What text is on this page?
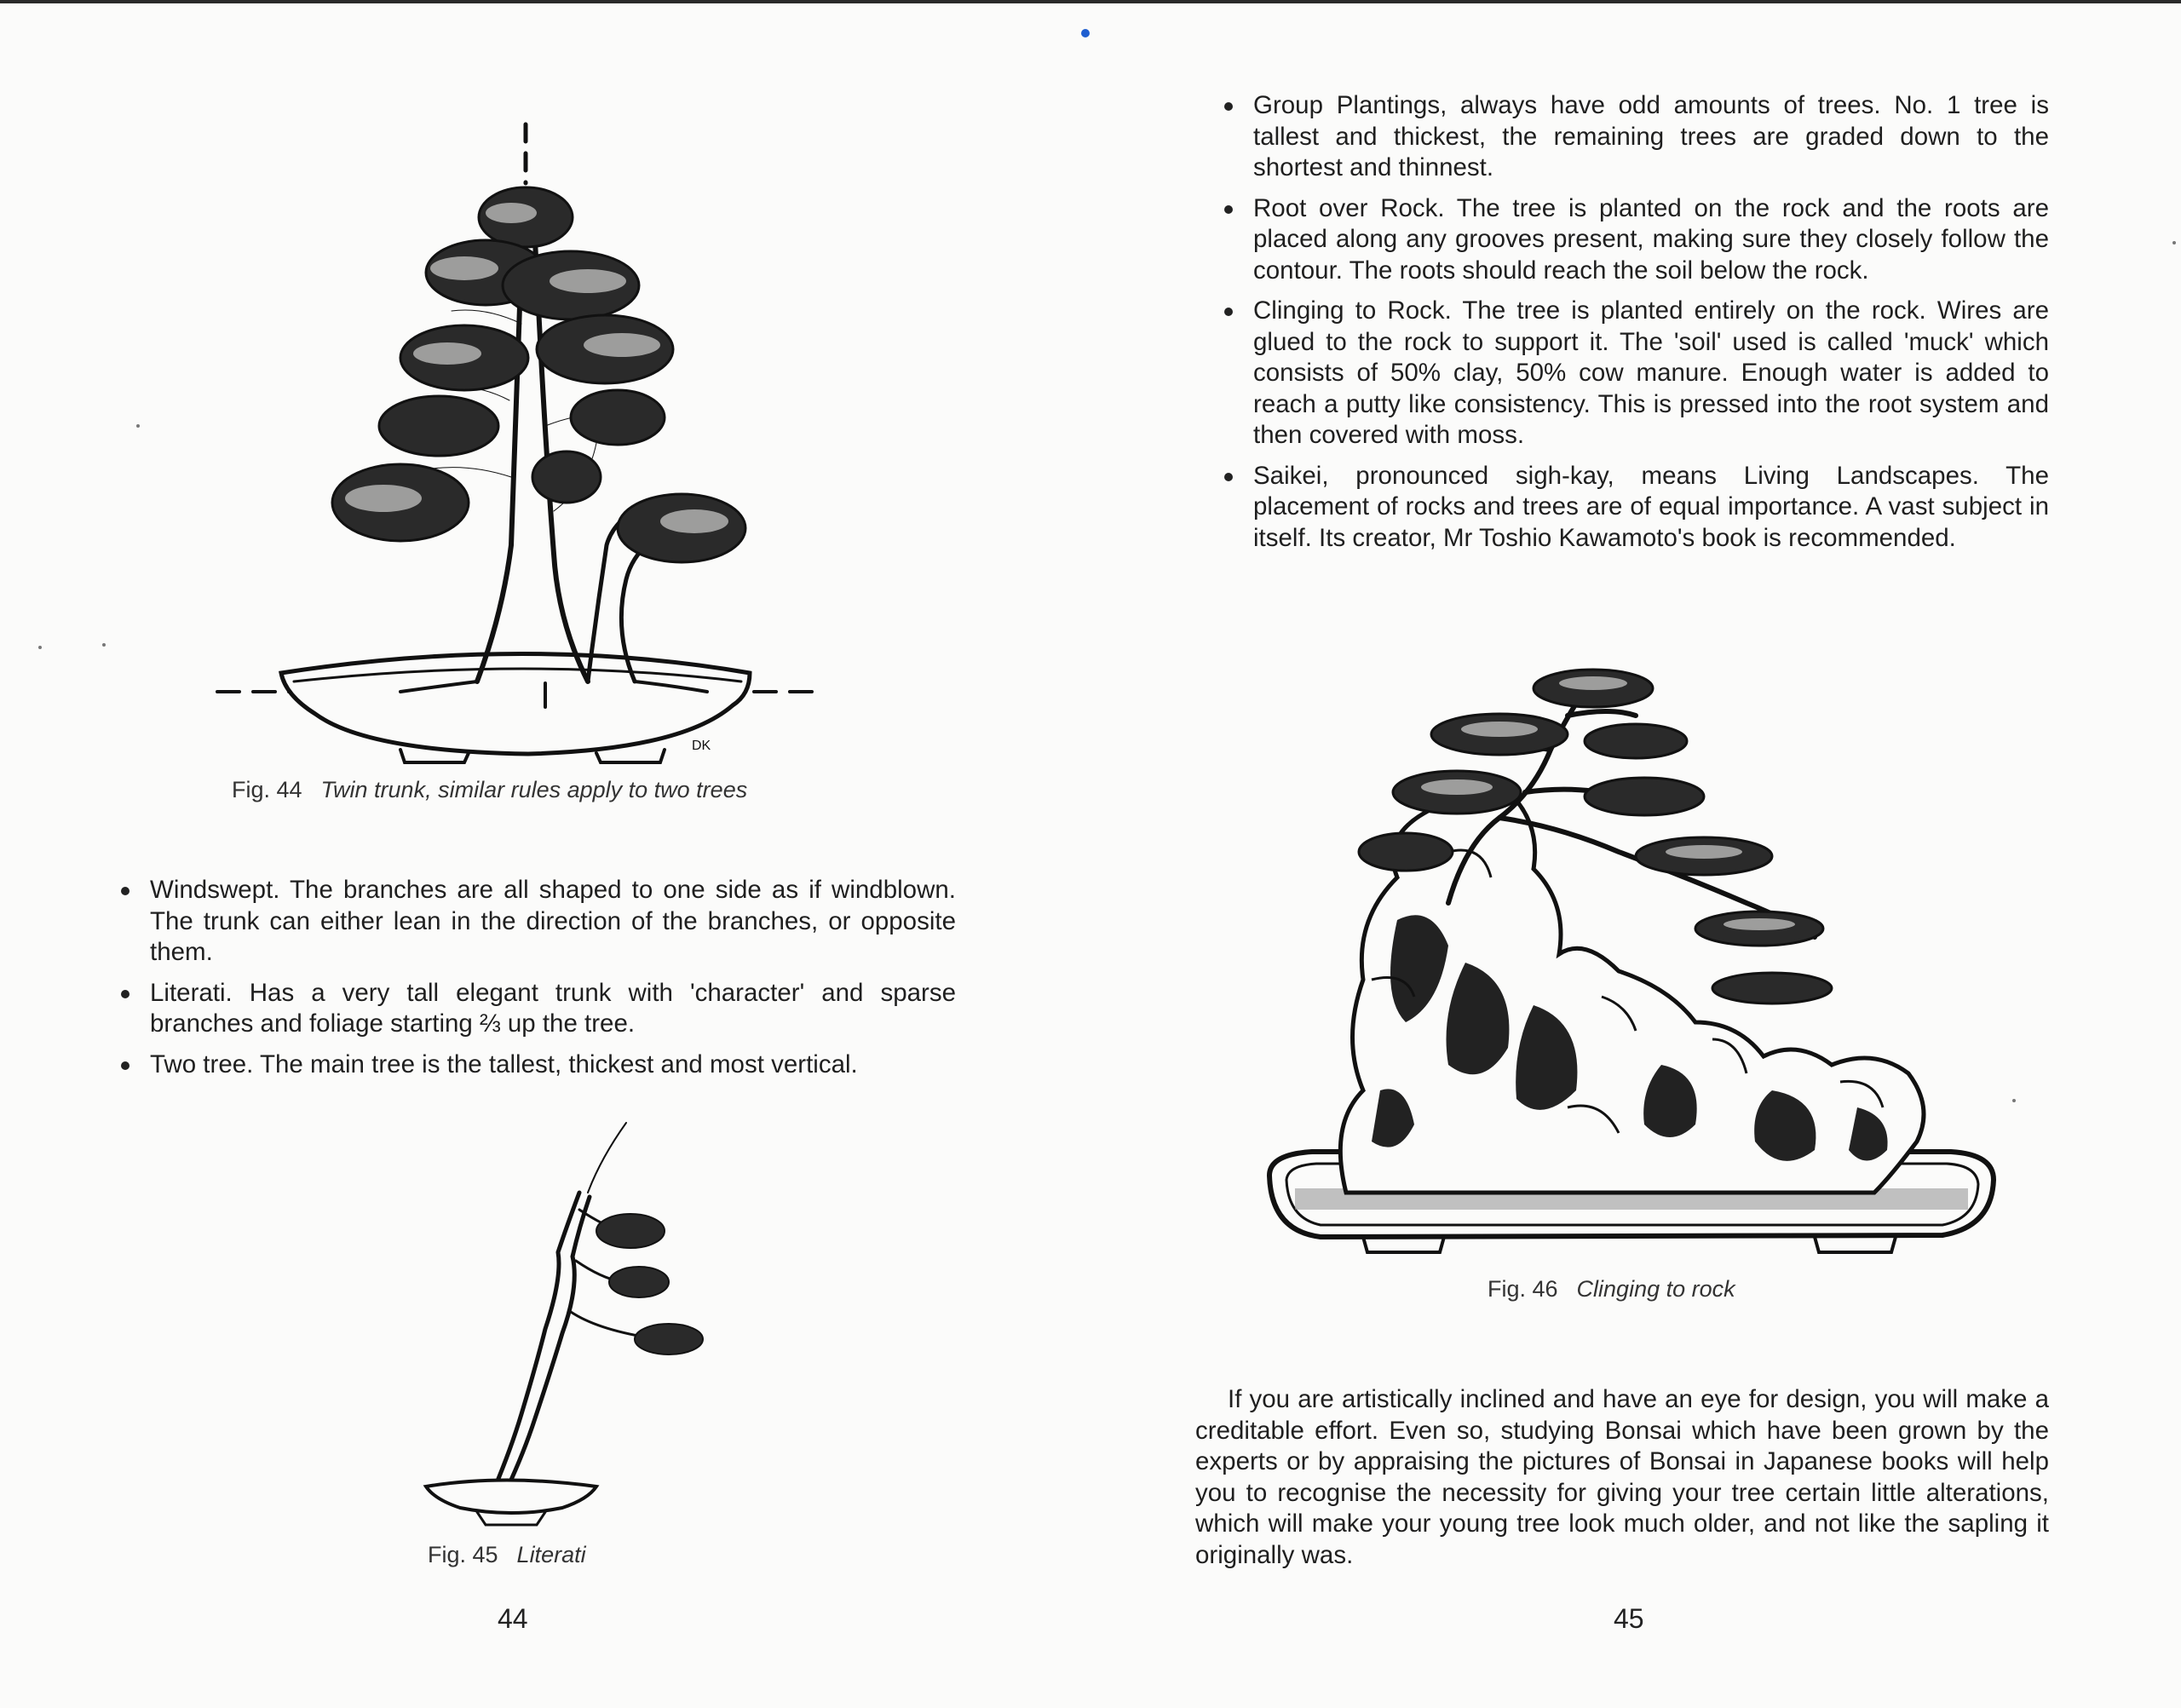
DK
Fig. 44 Twin trunk, similar rules apply to two trees
Windswept. The branches are all shaped to one side as if windblown. The trunk can either lean in the direction of the branches, or opposite them.
Literati. Has a very tall elegant trunk with 'character' and sparse branches and foliage starting ⅔ up the tree.
Two tree. The main tree is the tallest, thickest and most vertical.
Fig. 45 Literati
44
Group Plantings, always have odd amounts of trees. No. 1 tree is tallest and thickest, the remaining trees are graded down to the shortest and thinnest.
Root over Rock. The tree is planted on the rock and the roots are placed along any grooves present, making sure they closely follow the contour. The roots should reach the soil below the rock.
Clinging to Rock. The tree is planted entirely on the rock. Wires are glued to the rock to support it. The 'soil' used is called 'muck' which consists of 50% clay, 50% cow manure. Enough water is added to reach a putty like consistency. This is pressed into the root system and then covered with moss.
Saikei, pronounced sigh-kay, means Living Landscapes. The placement of rocks and trees are of equal importance. A vast subject in itself. Its creator, Mr Toshio Kawamoto's book is recommended.
Fig. 46 Clinging to rock

If you are artistically inclined and have an eye for design, you will make a creditable effort. Even so, studying Bonsai which have been grown by the experts or by appraising the pictures of Bonsai in Japanese books will help you to recognise the necessity for giving your tree certain little alterations, which will make your young tree look much older, and not like the sapling it originally was.

45
